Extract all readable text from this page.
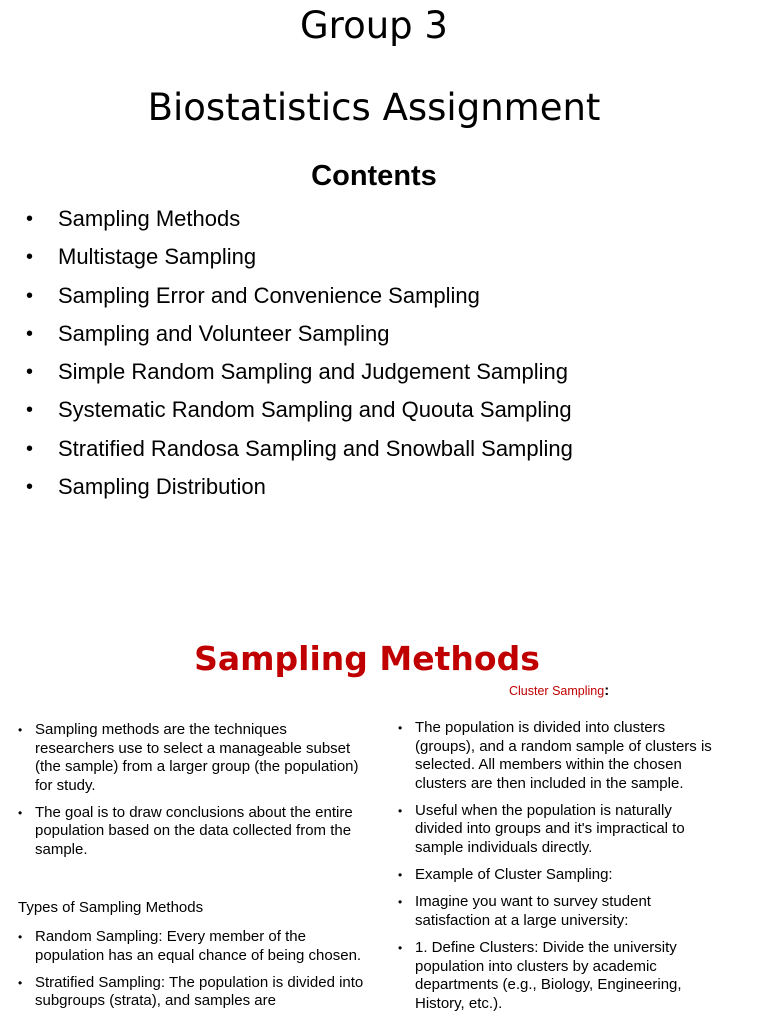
Group 3
Biostatistics Assignment
Contents
• Sampling Methods
• Multistage Sampling
• Sampling Error and Convenience Sampling
• Sampling and Volunteer Sampling
• Simple Random Sampling and Judgement Sampling
• Systematic Random Sampling and Quouta Sampling
• Stratified Randosa Sampling and Snowball Sampling
• Sampling Distribution
Sampling Methods
Cluster Sampling:
• Sampling methods are the techniques researchers use to select a manageable subset (the sample) from a larger group (the population) for study.
• The goal is to draw conclusions about the entire population based on the data collected from the sample.
Types of Sampling Methods
• Random Sampling: Every member of the population has an equal chance of being chosen.
• Stratified Sampling: The population is divided into subgroups (strata), and samples are
• The population is divided into clusters (groups), and a random sample of clusters is selected. All members within the chosen clusters are then included in the sample.
• Useful when the population is naturally divided into groups and it's impractical to sample individuals directly.
• Example of Cluster Sampling:
• Imagine you want to survey student satisfaction at a large university:
• 1. Define Clusters: Divide the university population into clusters by academic departments (e.g., Biology, Engineering, History, etc.).
